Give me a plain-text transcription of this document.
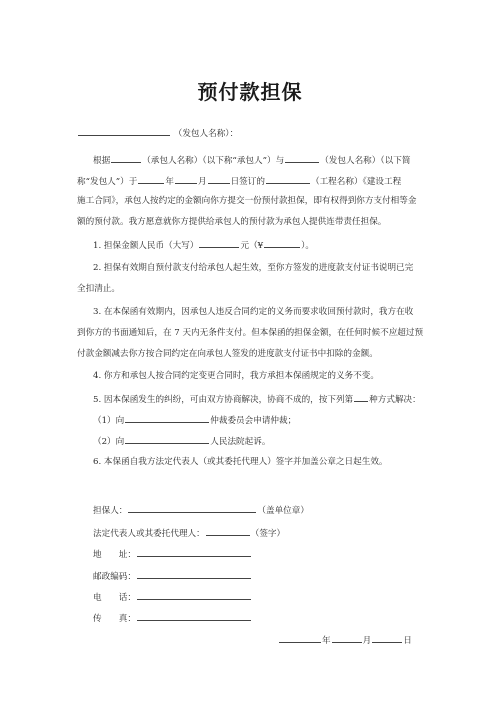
预付款担保
（发包人名称）：
根据	（承包人名称）（以下称“承包人”）与	（发包人名称）（以下简
称“发包人”）于	年	月	日签订的	（工程名称）《建设工程
施工合同》，承包人按约定的金额向你方提交一份预付款担保，即有权得到你方支付相等金
额的预付款。我方愿意就你方提供给承包人的预付款为承包人提供连带责任担保。
1. 担保金额人民币（大写）	元（¥	）。
2. 担保有效期自预付款支付给承包人起生效，至你方签发的进度款支付证书说明已完
全扣清止。
3. 在本保函有效期内，因承包人违反合同约定的义务而要求收回预付款时，我方在收
到你方的书面通知后，在 7 天内无条件支付。但本保函的担保金额，在任何时候不应超过预
付款金额减去你方按合同约定在向承包人签发的进度款支付证书中扣除的金额。
4. 你方和承包人按合同约定变更合同时，我方承担本保函规定的义务不变。
5. 因本保函发生的纠纷，可由双方协商解决，协商不成的，按下列第 种方式解决：
（1）向	仲裁委员会申请仲裁；
（2）向	人民法院起诉。
6. 本保函自我方法定代表人（或其委托代理人）签字并加盖公章之日起生效。
担保人：	（盖单位章）
法定代表人或其委托代理人：	（签字）
地　　址：
邮政编码：
电　　话：
传　　真：
年	月	日
